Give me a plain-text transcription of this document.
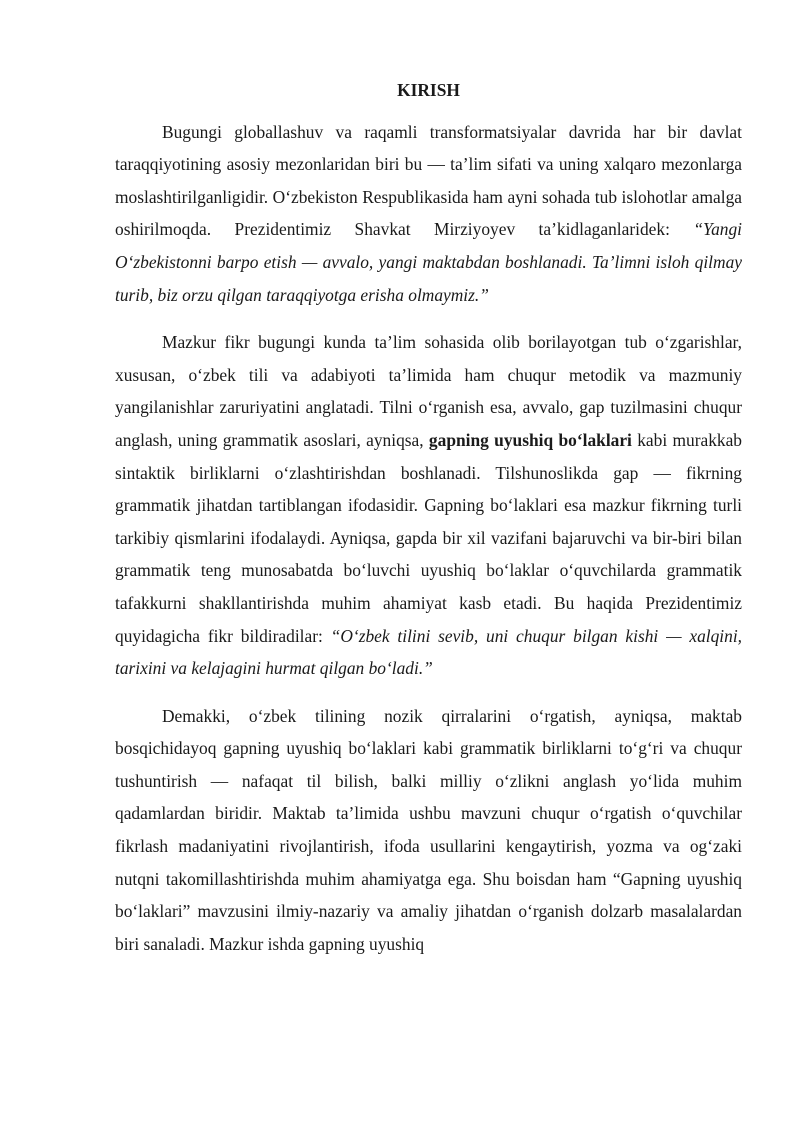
KIRISH

Bugungi globallashuv va raqamli transformatsiyalar davrida har bir davlat taraqqiyotining asosiy mezonlaridan biri bu — ta’lim sifati va uning xalqaro mezonlarga moslashtirilganligidir. O‘zbekiston Respublikasida ham ayni sohada tub islohotlar amalga oshirilmoqda. Prezidentimiz Shavkat Mirziyoyev ta’kidlaganlaridek: “Yangi O‘zbekistonni barpo etish — avvalo, yangi maktabdan boshlanadi. Ta’limni isloh qilmay turib, biz orzu qilgan taraqqiyotga erisha olmaymiz.”

Mazkur fikr bugungi kunda ta’lim sohasida olib borilayotgan tub o‘zgarishlar, xususan, o‘zbek tili va adabiyoti ta’limida ham chuqur metodik va mazmuniy yangilanishlar zaruriyatini anglatadi. Tilni o‘rganish esa, avvalo, gap tuzilmasini chuqur anglash, uning grammatik asoslari, ayniqsa, gapning uyushiq bo‘laklari kabi murakkab sintaktik birliklarni o‘zlashtirishdan boshlanadi. Tilshunoslikda gap — fikrning grammatik jihatdan tartiblangan ifodasidir. Gapning bo‘laklari esa mazkur fikrning turli tarkibiy qismlarini ifodalaydi. Ayniqsa, gapda bir xil vazifani bajaruvchi va bir-biri bilan grammatik teng munosabatda bo‘luvchi uyushiq bo‘laklar o‘quvchilarda grammatik tafakkurni shakllantirishda muhim ahamiyat kasb etadi. Bu haqida Prezidentimiz quyidagicha fikr bildiradilar: “O‘zbek tilini sevib, uni chuqur bilgan kishi — xalqini, tarixini va kelajagini hurmat qilgan bo‘ladi.”

Demakki, o‘zbek tilining nozik qirralarini o‘rgatish, ayniqsa, maktab bosqichidayoq gapning uyushiq bo‘laklari kabi grammatik birliklarni to‘g‘ri va chuqur tushuntirish — nafaqat til bilish, balki milliy o‘zlikni anglash yo‘lida muhim qadamlardan biridir. Maktab ta’limida ushbu mavzuni chuqur o‘rgatish o‘quvchilar fikrlash madaniyatini rivojlantirish, ifoda usullarini kengaytirish, yozma va og‘zaki nutqni takomillashtirishda muhim ahamiyatga ega. Shu boisdan ham “Gapning uyushiq bo‘laklari” mavzusini ilmiy-nazariy va amaliy jihatdan o‘rganish dolzarb masalalardan biri sanaladi. Mazkur ishda gapning uyushiq
